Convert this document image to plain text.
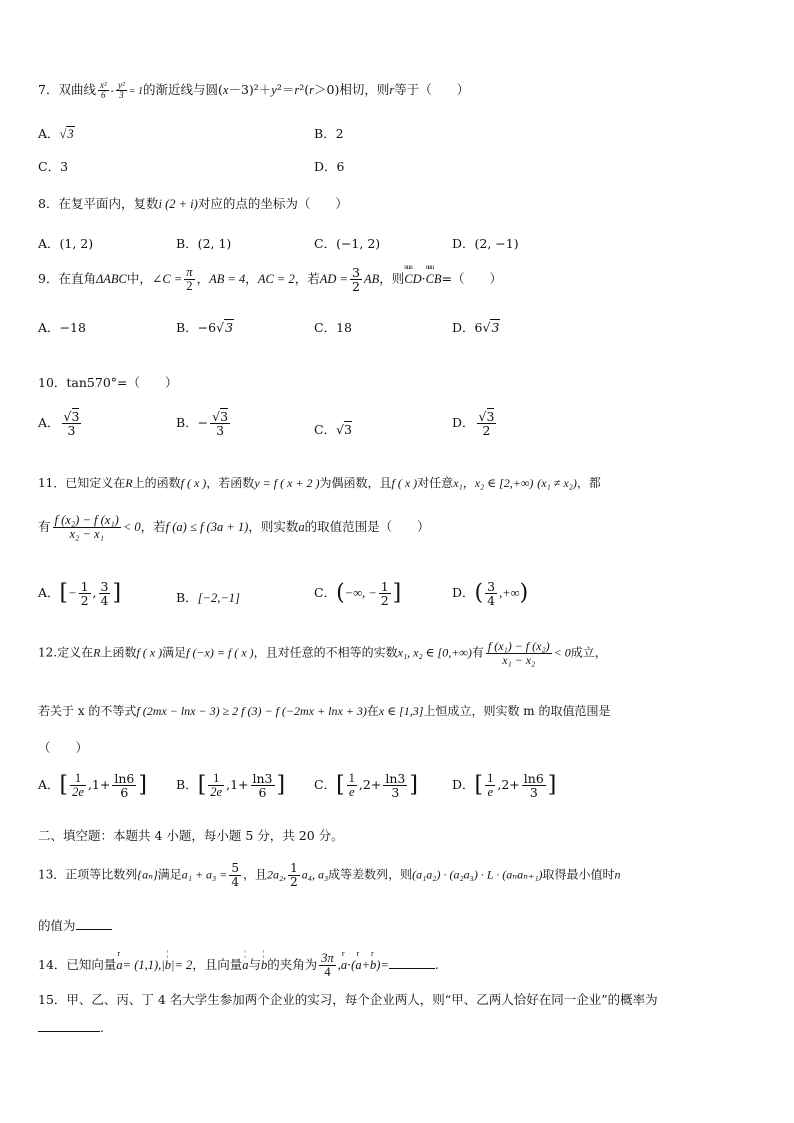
7．双曲线 $\frac{\text{x²}}{6} - \frac{\text{y²}}{3} = 1$的渐近线与圆(x－3)²＋y²＝r²(r＞0)相切，则r等于（　　）
A．√3	B．2
C．3	D．6
8．在复平面内，复数i (2 + i)对应的点的坐标为（　　）
A．(1, 2)	B．(2, 1)	C．(−1, 2)	D．(2, −1)
9．在直角ΔABC中，∠C = $\frac{\pi}{2}$ ，AB = 4，AC = 2，若AD = $\frac{3}{2}$ AB，则uuu CD·uuu CB=（　　）
A．−18	B．−6√3	C．18	D．6√3
10．tan570°=（　　）
A． $\frac{√3}{3}$	B．− $\frac{√3}{3}$	C．√3	D． $\frac{√3}{2}$
11．已知定义在R上的函数f ( x )，若函数y = f ( x + 2 )为偶函数，且f ( x )对任意x₁，x₂ ∈ [2,+∞) (x₁ ≠ x₂)，都
有 $\frac{\text{f (x₂) − f (x₁)}}{\text{x₂ − x₁}} < 0$，若f (a) ≤ f (3a + 1)，则实数a的取值范围是（　　）
A．[− $\frac{1}{2}$ , $\frac{3}{4}$ ]	B．[−2,−1]	C．(−∞, − $\frac{1}{2}$ ]	D．( $\frac{3}{4}$ ,+∞)
12.定义在R上函数f ( x )满足f (−x) = f ( x )，且对任意的不相等的实数x₁, x₂ ∈ [0,+∞)有 $\frac{\text{f (x₁) − f (x₂)}}{\text{x₁ − x₂}} < 0$成立，
若关于 x 的不等式f (2mx − lnx − 3) ≥ 2 f (3) − f (−2mx + lnx + 3)在x ∈ [1,3]上恒成立，则实数 m 的取值范围是
（　　）
A．[ $\frac{1}{2e} ,1+ \frac{\ln 6}{6}$ ] B．[ $\frac{1}{2e} ,1+ \frac{\ln 3}{6}$ ] C．[ $\frac{1}{e} ,2+ \frac{\ln 3}{3}$ ]	D．[ $\frac{1}{e} ,2+ \frac{\ln 6}{3}$ ]
二、填空题：本题共 4 小题，每小题 5 分，共 20 分。
13．正项等比数列{aₙ}满足$a_1 + a_3 = \frac{5}{4}$ ，且2a₂, $\frac{1}{2} a_4$, a₃成等差数列，则(a₁a₂) · (a₂a₃) · L · (aₙaₙ₊₁)取得最小值时n
的值为
14．已知向量r a= (1,1),|¦ b|= 2，且向量¦ a与¦ b的夹角为 $\frac{3\pi}{4} ,r$ a·(r a+r b)=	.
15．甲、乙、丙、丁 4 名大学生参加两个企业的实习，每个企业两人，则“甲、乙两人恰好在同一企业”的概率为
.
